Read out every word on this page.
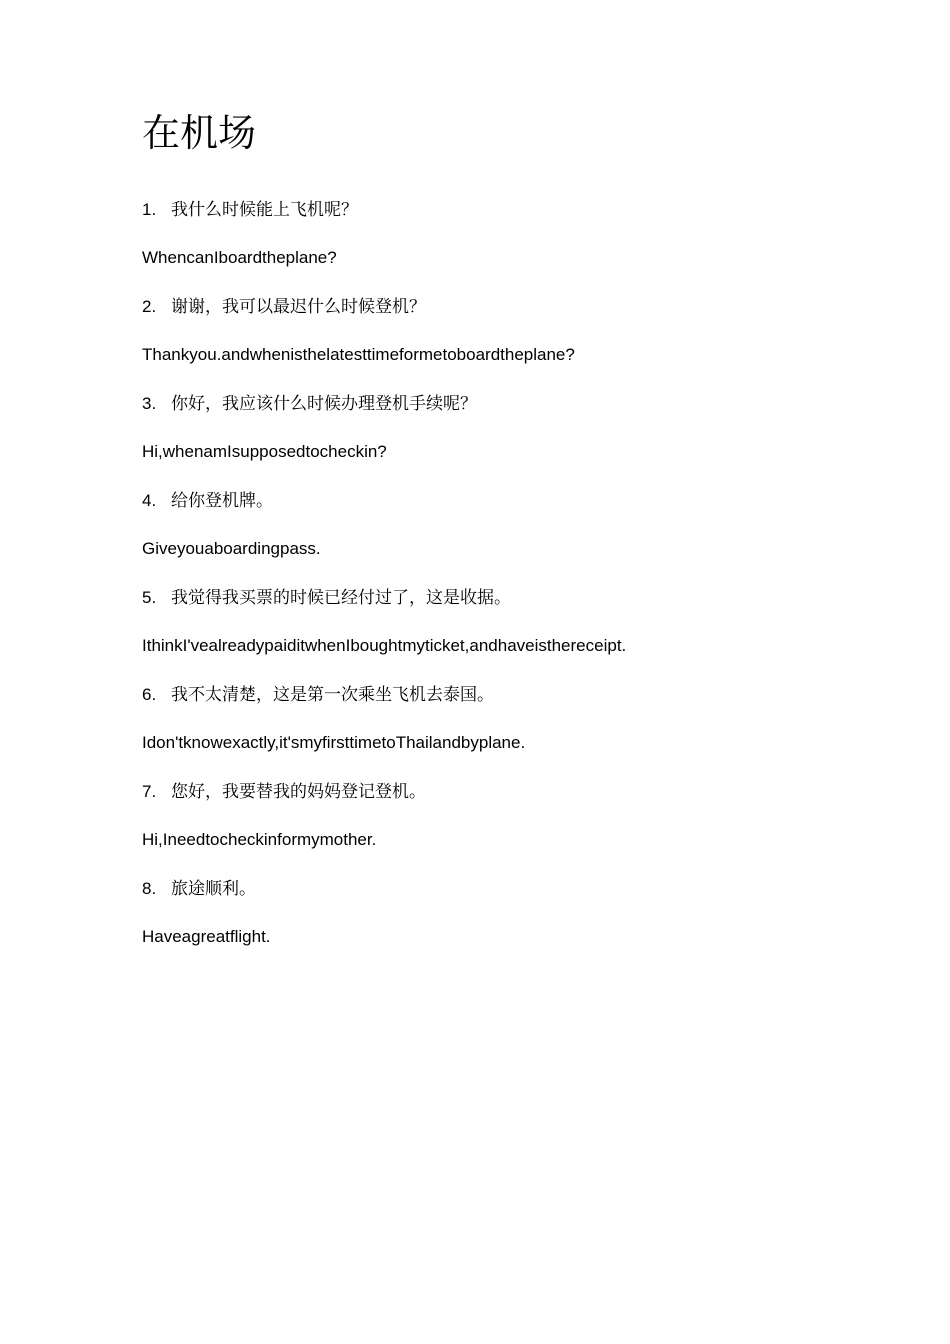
在机场
1. 我什么时候能上飞机呢？
WhencanIboardtheplane?
2. 谢谢，我可以最迟什么时候登机？
Thankyou.andwhenisthelatesttimeformetoboardtheplane?
3. 你好，我应该什么时候办理登机手续呢？
Hi,whenamIsupposedtocheckin?
4. 给你登机牌。
Giveyouaboardingpass.
5. 我觉得我买票的时候已经付过了，这是收据。
IthinkI'vealreadypaiditwhenIboughtmyticket,andhaveisthereceipt.
6. 我不太清楚，这是第一次乘坐飞机去泰国。
Idon'tknowexactly,it'smyfirsttimetoThailandbyplane.
7. 您好，我要替我的妈妈登记登机。
Hi,Ineedtocheckinformymother.
8. 旅途顺利。
Haveagreatflight.
